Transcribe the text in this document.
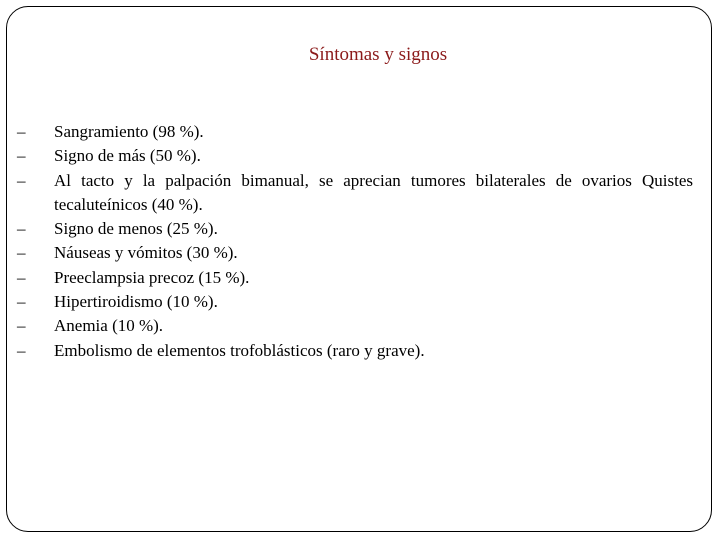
Síntomas y signos
–	Sangramiento (98 %).
–	Signo de más (50 %).
–	Al tacto y la palpación bimanual, se aprecian tumores bilaterales de ovarios Quistes tecaluteínicos (40 %).
–	Signo de menos (25 %).
–	Náuseas y vómitos (30 %).
–	Preeclampsia precoz (15 %).
–	Hipertiroidismo (10 %).
–	Anemia (10 %).
–	Embolismo de elementos trofoblásticos (raro y grave).
